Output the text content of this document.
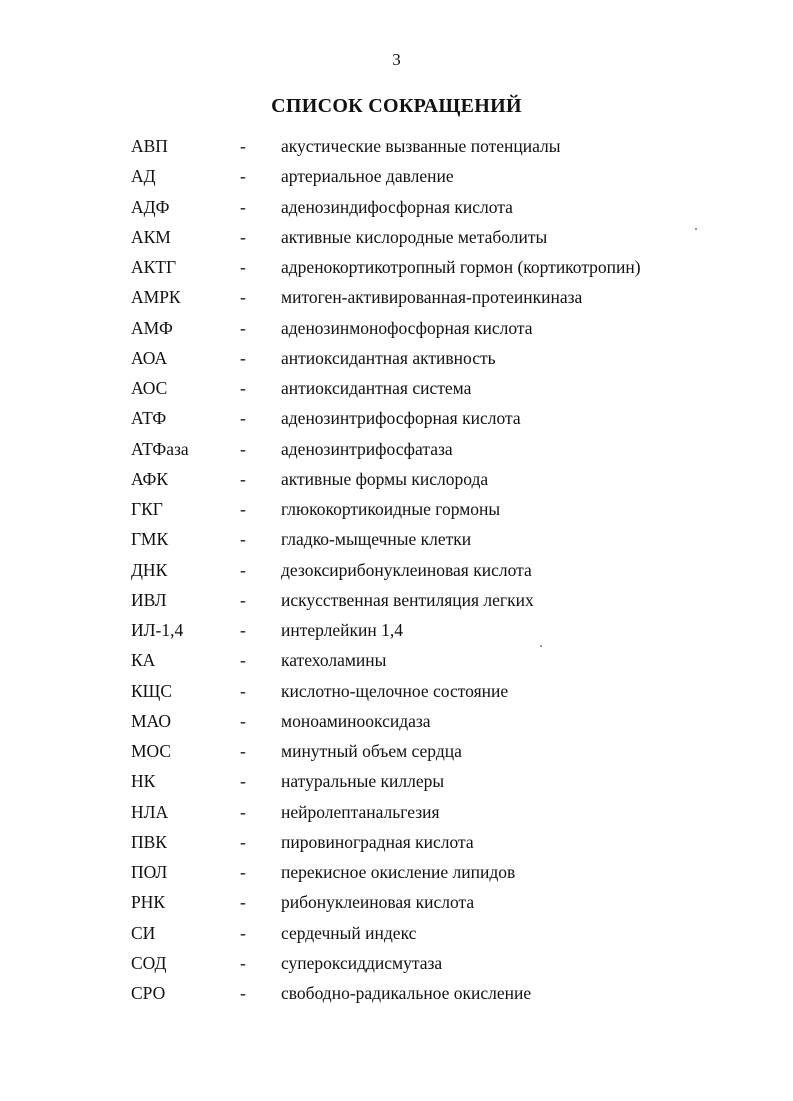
3
СПИСОК СОКРАЩЕНИЙ
АВП	- акустические вызванные потенциалы
АД	- артериальное давление
АДФ	- аденозиндифосфорная кислота
АКМ	- активные кислородные метаболиты
АКТГ	- адренокортикотропный гормон (кортикотропин)
АМРК	- митоген-активированная-протеинкиназа
АМФ	- аденозинмонофосфорная кислота
АОА	- антиоксидантная активность
АОС	- антиоксидантная система
АТФ	- аденозинтрифосфорная кислота
АТФаза	- аденозинтрифосфатаза
АФК	- активные формы кислорода
ГКГ	- глюкокортикоидные гормоны
ГМК	- гладко-мыщечные клетки
ДНК	- дезоксирибонуклеиновая кислота
ИВЛ	- искусственная вентиляция легких
ИЛ-1,4	- интерлейкин 1,4
КА	- катехоламины
КЩС	- кислотно-щелочное состояние
МАО	- моноаминооксидаза
МОС	- минутный объем сердца
НК	- натуральные киллеры
НЛА	- нейролептанальгезия
ПВК	- пировиноградная кислота
ПОЛ	- перекисное окисление липидов
РНК	- рибонуклеиновая кислота
СИ	- сердечный индекс
СОД	- супероксиддисмутаза
СРО	- свободно-радикальное окисление
